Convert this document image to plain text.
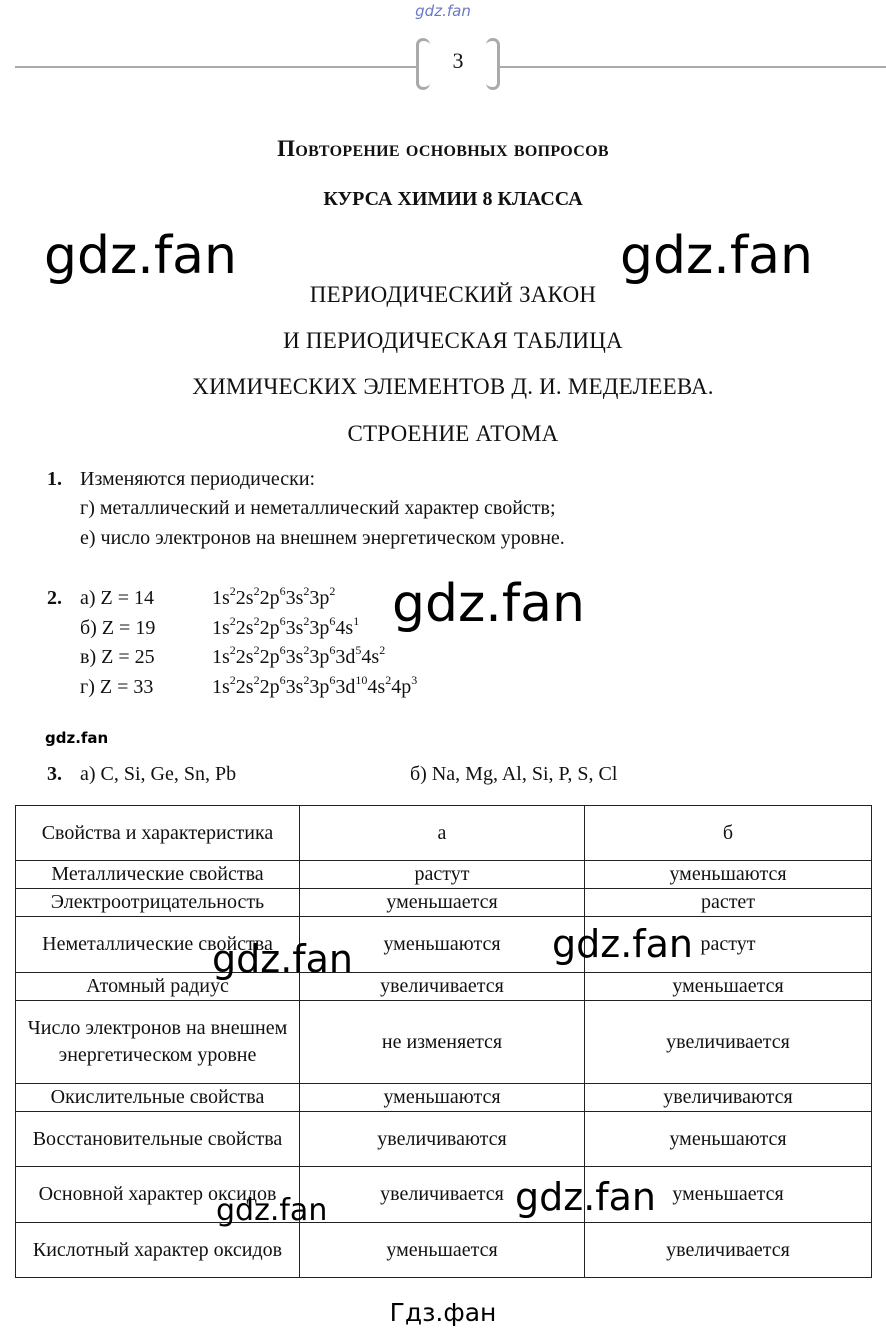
gdz.fan
3
Повторение основных вопросов
КУРСА ХИМИИ 8 КЛАССА
gdz.fan	gdz.fan
ПЕРИОДИЧЕСКИЙ ЗАКОН
И ПЕРИОДИЧЕСКАЯ ТАБЛИЦА
ХИМИЧЕСКИХ ЭЛЕМЕНТОВ Д. И. МЕДЕЛЕЕВА.
СТРОЕНИЕ АТОМА
1. Изменяются периодически:
г) металлический и неметаллический характер свойств;
е) число электронов на внешнем энергетическом уровне.
2. а) Z = 14	$1s^22s^22p^63s^23p^2$
б) Z = 19	$1s^22s^22p^63s^23p^64s^1$
в) Z = 25	$1s^22s^22p^63s^23p^63d^54s^2$
г) Z = 33	$1s^22s^22p^63s^23p^63d^{10}4s^24p^3$
gdz.fan
gdz.fan
3. а) C, Si, Ge, Sn, Pb	б) Na, Mg, Al, Si, P, S, Cl
Свойства и характеристика	а	б
Металлические свойства	растут	уменьшаются
Электроотрицательность	уменьшается	растет
Неметаллические свойства	уменьшаются	растут
Атомный радиус	увеличивается	уменьшается
Число электронов на внешнем энергетическом уровне	не изменяется	увеличивается
Окислительные свойства	уменьшаются	увеличиваются
Восстановительные свойства	увеличиваются	уменьшаются
Основной характер оксидов	увеличивается	уменьшается
Кислотный характер оксидов	уменьшается	увеличивается
gdz.fan	gdz.fan
gdz.fan
gdz.fan
Гдз.фан
